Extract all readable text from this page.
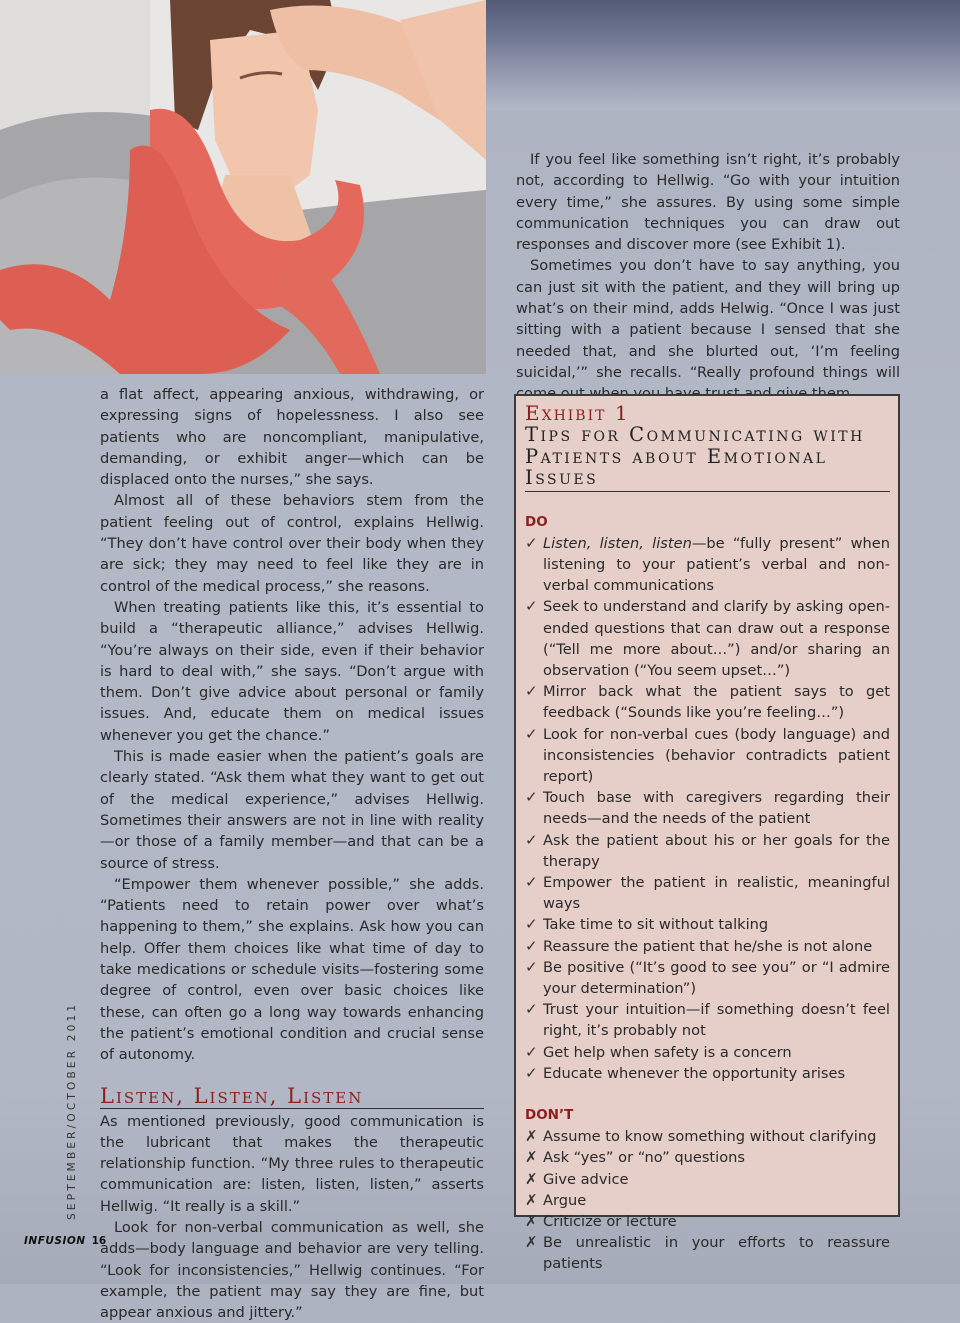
a flat affect, appearing anxious, withdrawing, or expressing signs of hopelessness. I also see patients who are noncompliant, manipulative, demanding, or exhibit anger—which can be displaced onto the nurses,” she says.

Almost all of these behaviors stem from the patient feeling out of control, explains Hellwig. “They don’t have control over their body when they are sick; they may need to feel like they are in control of the medical process,” she reasons.

When treating patients like this, it’s essential to build a “therapeutic alliance,” advises Hellwig. “You’re always on their side, even if their behavior is hard to deal with,” she says. “Don’t argue with them. Don’t give advice about personal or family issues. And, educate them on medical issues whenever you get the chance.”

This is made easier when the patient’s goals are clearly stated. “Ask them what they want to get out of the medical experience,” advises Hellwig. Sometimes their answers are not in line with reality—or those of a family member—and that can be a source of stress.

“Empower them whenever possible,” she adds. “Patients need to retain power over what’s happening to them,” she explains. Ask how you can help. Offer them choices like what time of day to take medications or schedule visits—fostering some degree of control, even over basic choices like these, can often go a long way towards enhancing the patient’s emotional condition and crucial sense of autonomy.

Listen, Listen, Listen

As mentioned previously, good communication is the lubricant that makes the therapeutic relationship function. “My three rules to therapeutic communication are: listen, listen, listen,” asserts Hellwig. “It really is a skill.”

Look for non-verbal communication as well, she adds—body language and behavior are very telling. “Look for inconsistencies,” Hellwig continues. “For example, the patient may say they are fine, but appear anxious and jittery.”

If you feel like something isn’t right, it’s probably not, according to Hellwig. “Go with your intuition every time,” she assures. By using some simple communication techniques you can draw out responses and discover more (see Exhibit 1).

Sometimes you don’t have to say anything, you can just sit with the patient, and they will bring up what’s on their mind, adds Helwig. “Once I was just sitting with a patient because I sensed that she needed that, and she blurted out, ‘I’m feeling suicidal,’” she recalls. “Really profound things will

Exhibit 1
Tips for Communicating with Patients about Emotional Issues
DO
✓ Listen, listen, listen—be “fully present” when listening to your patient’s verbal and non-verbal communications
✓ Seek to understand and clarify by asking open-ended questions that can draw out a response (“Tell me more about…”) and/or sharing an observation (“You seem upset…”)
✓ Mirror back what the patient says to get feedback (“Sounds like you’re feeling…”)
✓ Look for non-verbal cues (body language) and inconsistencies (behavior contradicts patient report)
✓ Touch base with caregivers regarding their needs—and the needs of the patient
✓ Ask the patient about his or her goals for the therapy
✓ Empower the patient in realistic, meaningful ways
✓ Take time to sit without talking
✓ Reassure the patient that he/she is not alone
✓ Be positive (“It’s good to see you” or “I admire your determination”)
✓ Trust your intuition—if something doesn’t feel right, it’s probably not
✓ Get help when safety is a concern
✓ Educate whenever the opportunity arises
DON’T
✗ Assume to know something without clarifying
✗ Ask “yes” or “no” questions
✗ Give advice
✗ Argue
✗ Criticize or lecture
✗ Be unrealistic in your efforts to reassure patients
SEPTEMBER/OCTOBER 2011
INFUSION 16
